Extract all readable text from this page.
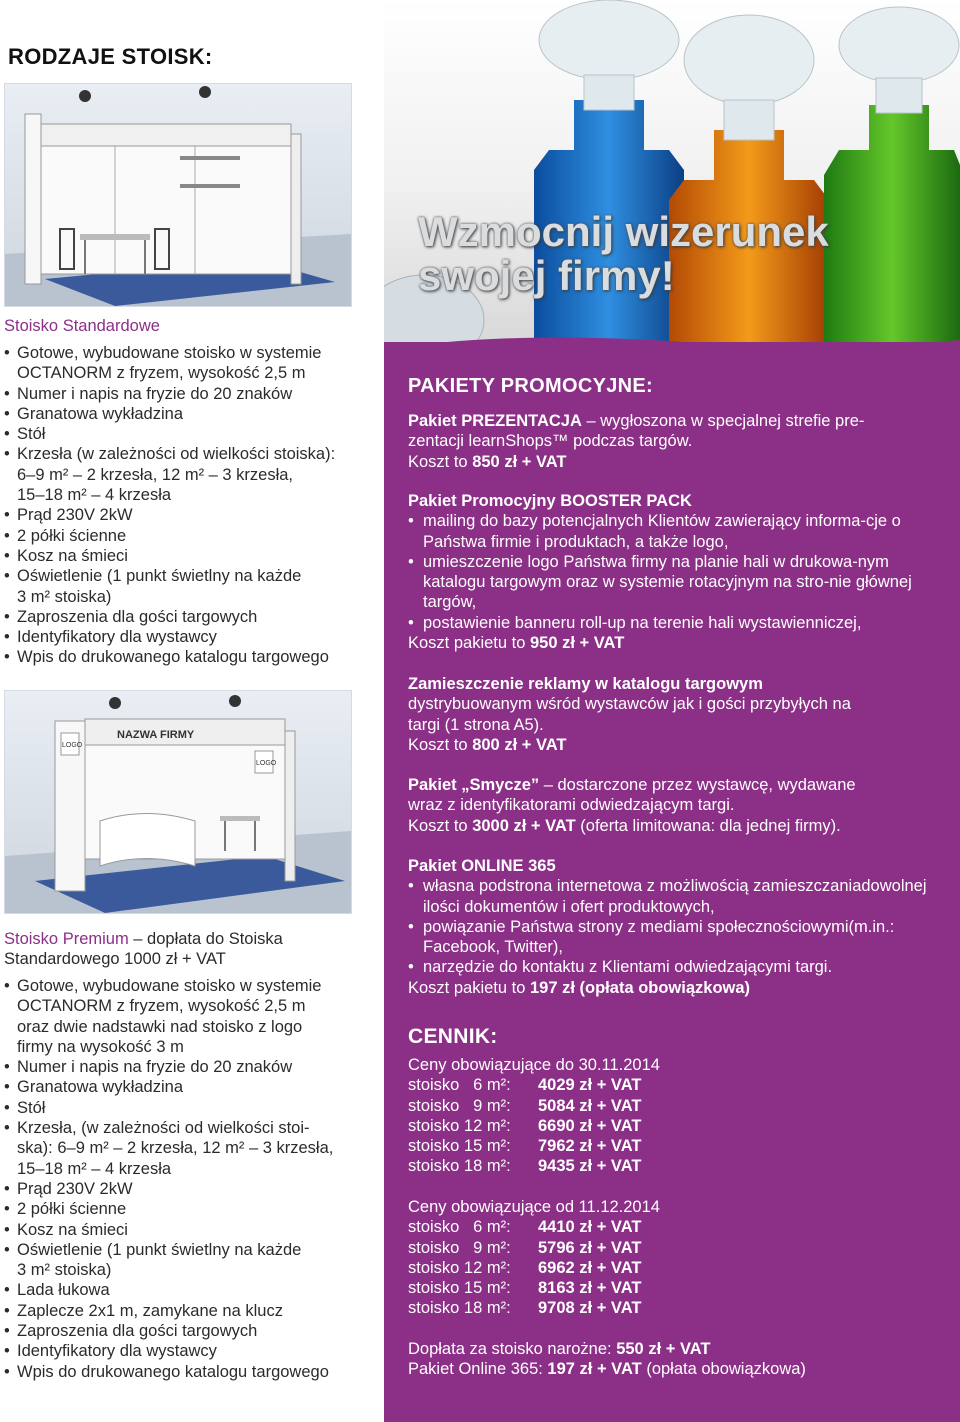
RODZAJE STOISK:

Stoisko Standardowe

• Gotowe, wybudowane stoisko w systemie
OCTANORM z fryzem, wysokość 2,5 m
• Numer i napis na fryzie do 20 znaków
• Granatowa wykładzina
• Stół
• Krzesła (w zależności od wielkości stoiska):
6–9 m² – 2 krzesła, 12 m² – 3 krzesła,
15–18 m² – 4 krzesła
• Prąd 230V 2kW
• 2 półki ścienne
• Kosz na śmieci
• Oświetlenie (1 punkt świetlny na każde
3 m² stoiska)
• Zaproszenia dla gości targowych
• Identyfikatory dla wystawcy
• Wpis do drukowanego katalogu targowego
NAZWA FIRMY
LOGO
LOGO

Stoisko Premium – dopłata do Stoiska
Standardowego 1000 zł + VAT

• Gotowe, wybudowane stoisko w systemie
OCTANORM z fryzem, wysokość 2,5 m
oraz dwie nadstawki nad stoisko z logo
firmy na wysokość 3 m
• Numer i napis na fryzie do 20 znaków
• Granatowa wykładzina
• Stół
• Krzesła, (w zależności od wielkości stoi-
ska): 6–9 m² – 2 krzesła, 12 m² – 3 krzesła,
15–18 m² – 4 krzesła
• Prąd 230V 2kW
• 2 półki ścienne
• Kosz na śmieci
• Oświetlenie (1 punkt świetlny na każde
3 m² stoiska)
• Lada łukowa
• Zaplecze 2x1 m, zamykane na klucz
• Zaproszenia dla gości targowych
• Identyfikatory dla wystawcy
• Wpis do drukowanego katalogu targowego

Wzmocnij wizerunek
swojej firmy!

PAKIETY PROMOCYJNE:
Pakiet PREZENTACJA – wygłoszona w specjalnej strefie pre-
zentacji learnShops™ podczas targów.
Koszt to 850 zł + VAT
Pakiet Promocyjny BOOSTER PACK
• mailing do bazy potencjalnych Klientów zawierający informa-cje o Państwa firmie i produktach, a także logo,
• umieszczenie logo Państwa firmy na planie hali w drukowa-nym katalogu targowym oraz w systemie rotacyjnym na stro-nie głównej targów,
• postawienie banneru roll-up na terenie hali wystawienniczej,
Koszt pakietu to 950 zł + VAT
Zamieszczenie reklamy w katalogu targowym
dystrybuowanym wśród wystawców jak i gości przybyłych na
targi (1 strona A5).
Koszt to 800 zł + VAT
Pakiet „Smycze” – dostarczone przez wystawcę, wydawane
wraz z identyfikatorami odwiedzającym targi.
Koszt to 3000 zł + VAT (oferta limitowana: dla jednej firmy).
Pakiet ONLINE 365
• własna podstrona internetowa z możliwością zamieszczaniadowolnej ilości dokumentów i ofert produktowych,
• powiązanie Państwa strony z mediami społecznościowymi(m.in.: Facebook, Twitter),
• narzędzie do kontaktu z Klientami odwiedzającymi targi.
Koszt pakietu to 197 zł (opłata obowiązkowa)
CENNIK:
Ceny obowiązujące do 30.11.2014
stoisko   6 m²:	4029 zł + VAT
stoisko   9 m²:	5084 zł + VAT
stoisko 12 m²:	6690 zł + VAT
stoisko 15 m²:	7962 zł + VAT
stoisko 18 m²:	9435 zł + VAT
Ceny obowiązujące od 11.12.2014
stoisko   6 m²:	4410 zł + VAT
stoisko   9 m²:	5796 zł + VAT
stoisko 12 m²:	6962 zł + VAT
stoisko 15 m²:	8163 zł + VAT
stoisko 18 m²:	9708 zł + VAT
Dopłata za stoisko narożne: 550 zł + VAT
Pakiet Online 365: 197 zł + VAT (opłata obowiązkowa)
